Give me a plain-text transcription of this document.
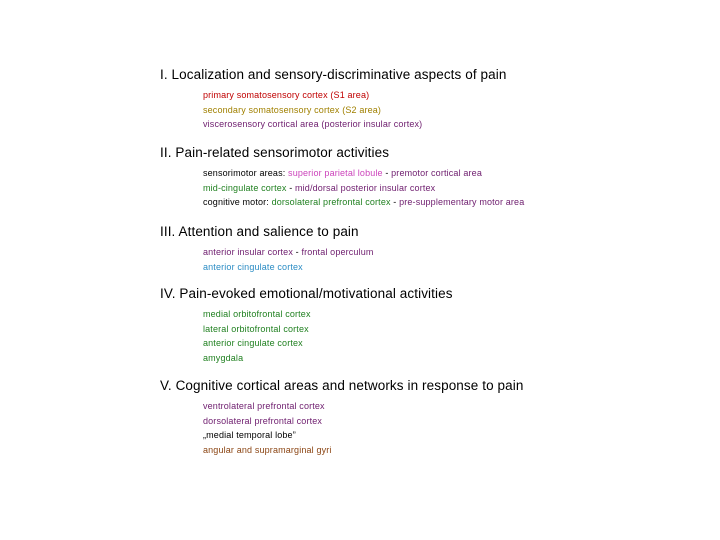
I. Localization and sensory-discriminative aspects of pain
primary somatosensory cortex (S1 area)
secondary somatosensory cortex (S2 area)
viscerosensory cortical area (posterior insular cortex)
II. Pain-related sensorimotor activities
sensorimotor areas: superior parietal lobule - premotor cortical area
mid-cingulate cortex - mid/dorsal posterior insular cortex
cognitive motor: dorsolateral prefrontal cortex - pre-supplementary motor area
III. Attention and salience to pain
anterior insular cortex - frontal operculum
anterior cingulate cortex
IV. Pain-evoked emotional/motivational activities
medial orbitofrontal cortex
lateral orbitofrontal cortex
anterior cingulate cortex
amygdala
V. Cognitive cortical areas and networks in response to pain
ventrolateral prefrontal cortex
dorsolateral prefrontal cortex
„medial temporal lobe”
angular and supramarginal gyri
